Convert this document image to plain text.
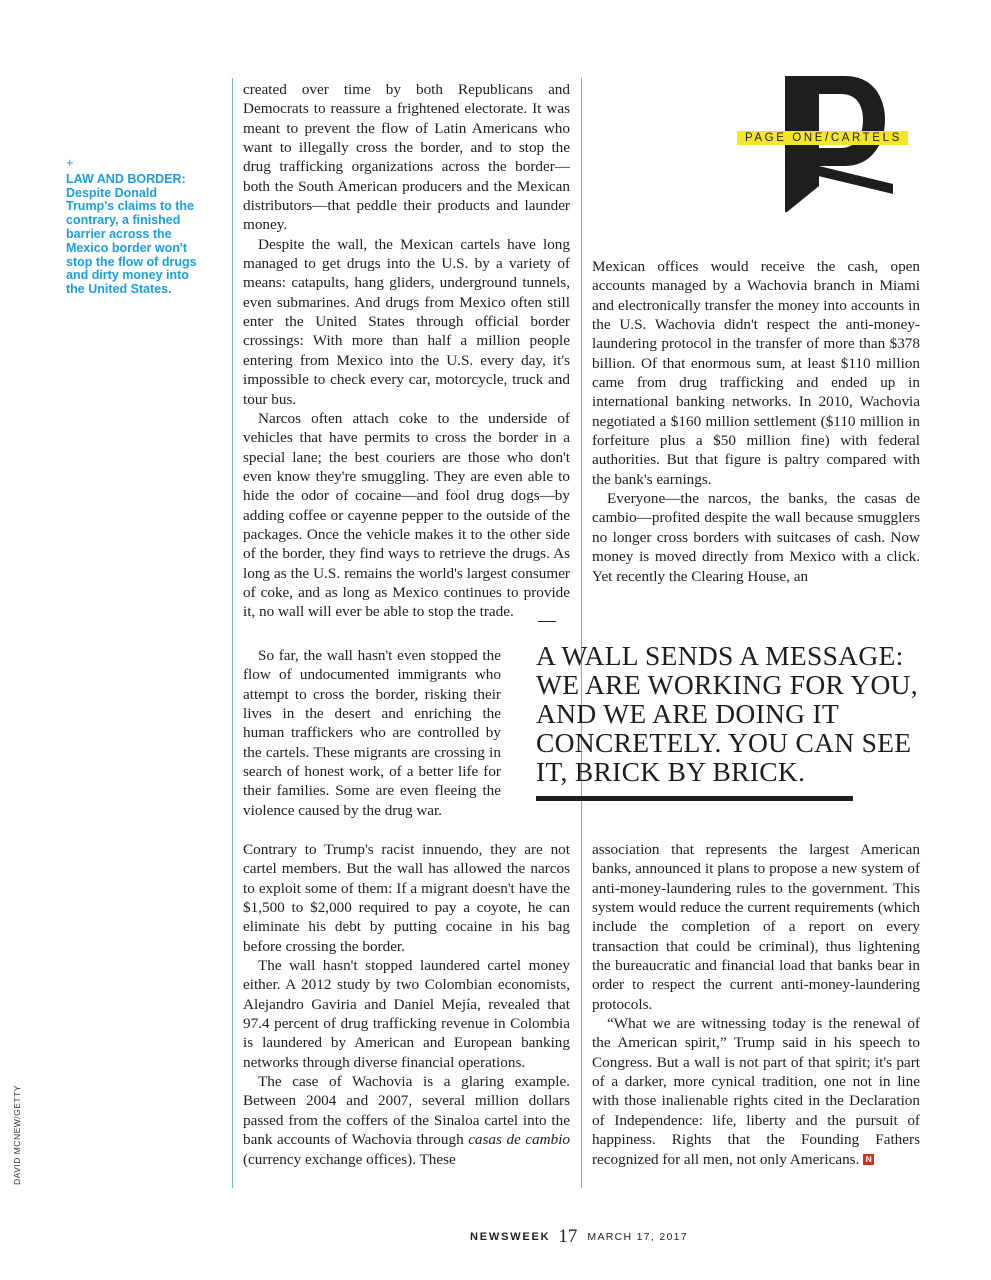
PAGE ONE/CARTELS
+
LAW AND BORDER: Despite Donald Trump's claims to the contrary, a finished barrier across the Mexico border won't stop the flow of drugs and dirty money into the United States.
DAVID MCNEW/GETTY

created over time by both Republicans and Democrats to reassure a frightened electorate. It was meant to prevent the flow of Latin Americans who want to illegally cross the border, and to stop the drug trafficking organizations across the border—both the South American producers and the Mexican distributors—that peddle their products and launder money.

Despite the wall, the Mexican cartels have long managed to get drugs into the U.S. by a variety of means: catapults, hang gliders, underground tunnels, even submarines. And drugs from Mexico often still enter the United States through official border crossings: With more than half a million people entering from Mexico into the U.S. every day, it's impossible to check every car, motorcycle, truck and tour bus.

Narcos often attach coke to the underside of vehicles that have permits to cross the border in a special lane; the best couriers are those who don't even know they're smuggling. They are even able to hide the odor of cocaine—and fool drug dogs—by adding coffee or cayenne pepper to the outside of the packages. Once the vehicle makes it to the other side of the border, they find ways to retrieve the drugs. As long as the U.S. remains the world's largest consumer of coke, and as long as Mexico continues to provide it, no wall will ever be able to stop the trade.

So far, the wall hasn't even stopped the flow of undocumented immigrants who attempt to cross the border, risking their lives in the desert and enriching the human traffickers who are controlled by the cartels. These migrants are crossing in search of honest work, of a better life for their families. Some are even fleeing the violence caused by the drug war.

Contrary to Trump's racist innuendo, they are not cartel members. But the wall has allowed the narcos to exploit some of them: If a migrant doesn't have the $1,500 to $2,000 required to pay a coyote, he can eliminate his debt by putting cocaine in his bag before crossing the border.

The wall hasn't stopped laundered cartel money either. A 2012 study by two Colombian economists, Alejandro Gaviria and Daniel Mejía, revealed that 97.4 percent of drug trafficking revenue in Colombia is laundered by American and European banking networks through diverse financial operations.

The case of Wachovia is a glaring example. Between 2004 and 2007, several million dollars passed from the coffers of the Sinaloa cartel into the bank accounts of Wachovia through casas de cambio (currency exchange offices). These

Mexican offices would receive the cash, open accounts managed by a Wachovia branch in Miami and electronically transfer the money into accounts in the U.S. Wachovia didn't respect the anti-money-laundering protocol in the transfer of more than $378 billion. Of that enormous sum, at least $110 million came from drug trafficking and ended up in international banking networks. In 2010, Wachovia negotiated a $160 million settlement ($110 million in forfeiture plus a $50 million fine) with federal authorities. But that figure is paltry compared with the bank's earnings.

Everyone—the narcos, the banks, the casas de cambio—profited despite the wall because smugglers no longer cross borders with suitcases of cash. Now money is moved directly from Mexico with a click. Yet recently the Clearing House, an

A WALL SENDS A MESSAGE: WE ARE WORKING FOR YOU, AND WE ARE DOING IT CONCRETELY. YOU CAN SEE IT, BRICK BY BRICK.

association that represents the largest American banks, announced it plans to propose a new system of anti-money-laundering rules to the government. This system would reduce the current requirements (which include the completion of a report on every transaction that could be criminal), thus lightening the bureaucratic and financial load that banks bear in order to respect the current anti-money-laundering protocols.

“What we are witnessing today is the renewal of the American spirit,” Trump said in his speech to Congress. But a wall is not part of that spirit; it's part of a darker, more cynical tradition, one not in line with those inalienable rights cited in the Declaration of Independence: life, liberty and the pursuit of happiness. Rights that the Founding Fathers recognized for all men, not only Americans. N

NEWSWEEK 17 MARCH 17, 2017
